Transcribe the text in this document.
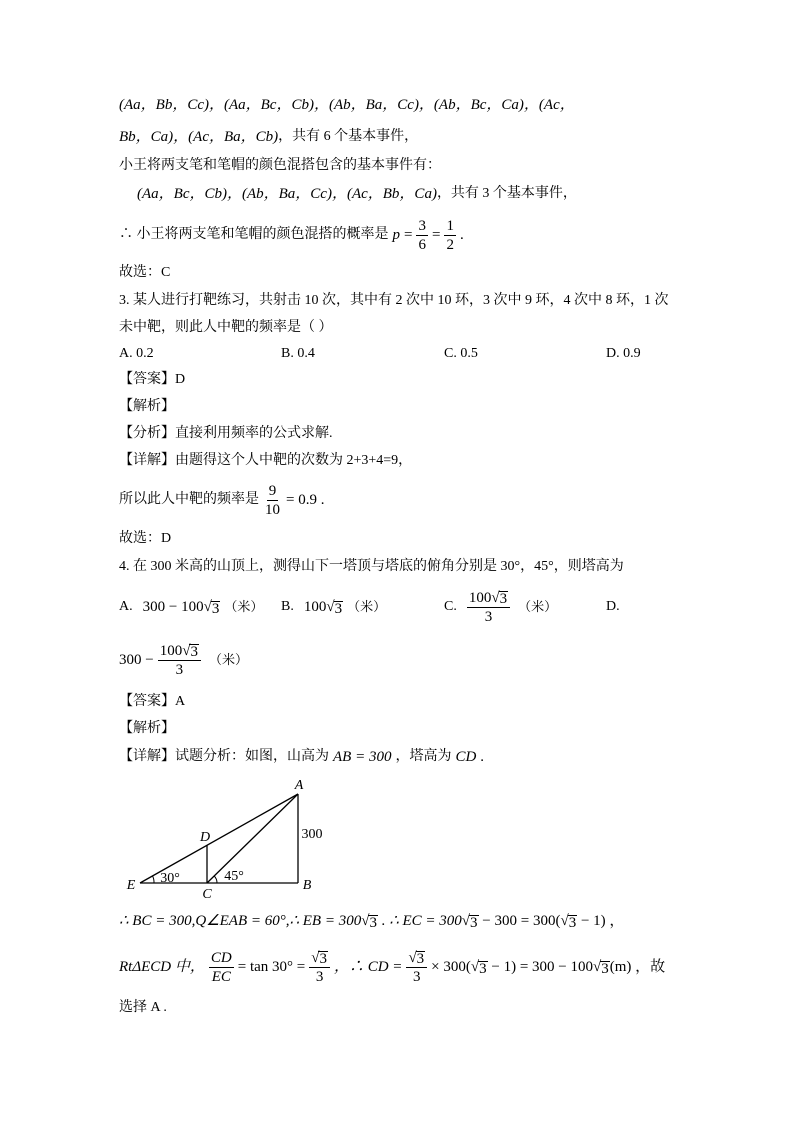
(Aa，Bb，Cc)，(Aa，Bc，Cb)，(Ab，Ba，Cc)，(Ab，Bc，Ca)，(Ac，
Bb，Ca)，(Ac，Ba，Cb) ，共有 6 个基本事件，
小王将两支笔和笔帽的颜色混搭包含的基本事件有：
(Aa，Bc，Cb)，(Ab，Ba，Cc)，(Ac，Bb，Ca) ，共有 3 个基本事件，
∴ 小王将两支笔和笔帽的颜色混搭的概率是 $p = \frac{3}{6} = \frac{1}{2}$ .
故选：C
3. 某人进行打靶练习，共射击 10 次，其中有 2 次中 10 环，3 次中 9 环，4 次中 8 环，1 次
未中靶，则此人中靶的频率是（ ）
A. 0.2	B. 0.4	C. 0.5	D. 0.9
【答案】D
【解析】
【分析】直接利用频率的公式求解.
【详解】由题得这个人中靶的次数为 2+3+4=9，
所以此人中靶的频率是 $\frac{9}{10} = 0.9$ .
故选：D
4. 在 300 米高的山顶上，测得山下一塔顶与塔底的俯角分别是 30°，45°，则塔高为
A. 300 − 100
√ 3 （米） B. 100
√ 3 （米）	C. 100
√ 3
3 （米）	D.
300 − 100
√ 3
3 （米）
【答案】A
【解析】
【详解】试题分析：如图，山高为 AB = 300 ，塔高为 CD .
A
D
E
C
B
300
30°	45°
∴ BC = 300,Q∠EAB = 60°,∴ EB = 300
√ 3 . ∴ EC = 300
√ 3 − 300 = 300(
√ 3 − 1) ，
RtΔECD 中， $\frac{CD}{EC} = \tan 30^\circ$ =
√ $\frac{3}{3}$ ，∴ CD =
√ $\frac{3}{3} \times 300$(
√ 3 − 1) = 300 − 100
√ 3 (m) ，故
选择 A .
